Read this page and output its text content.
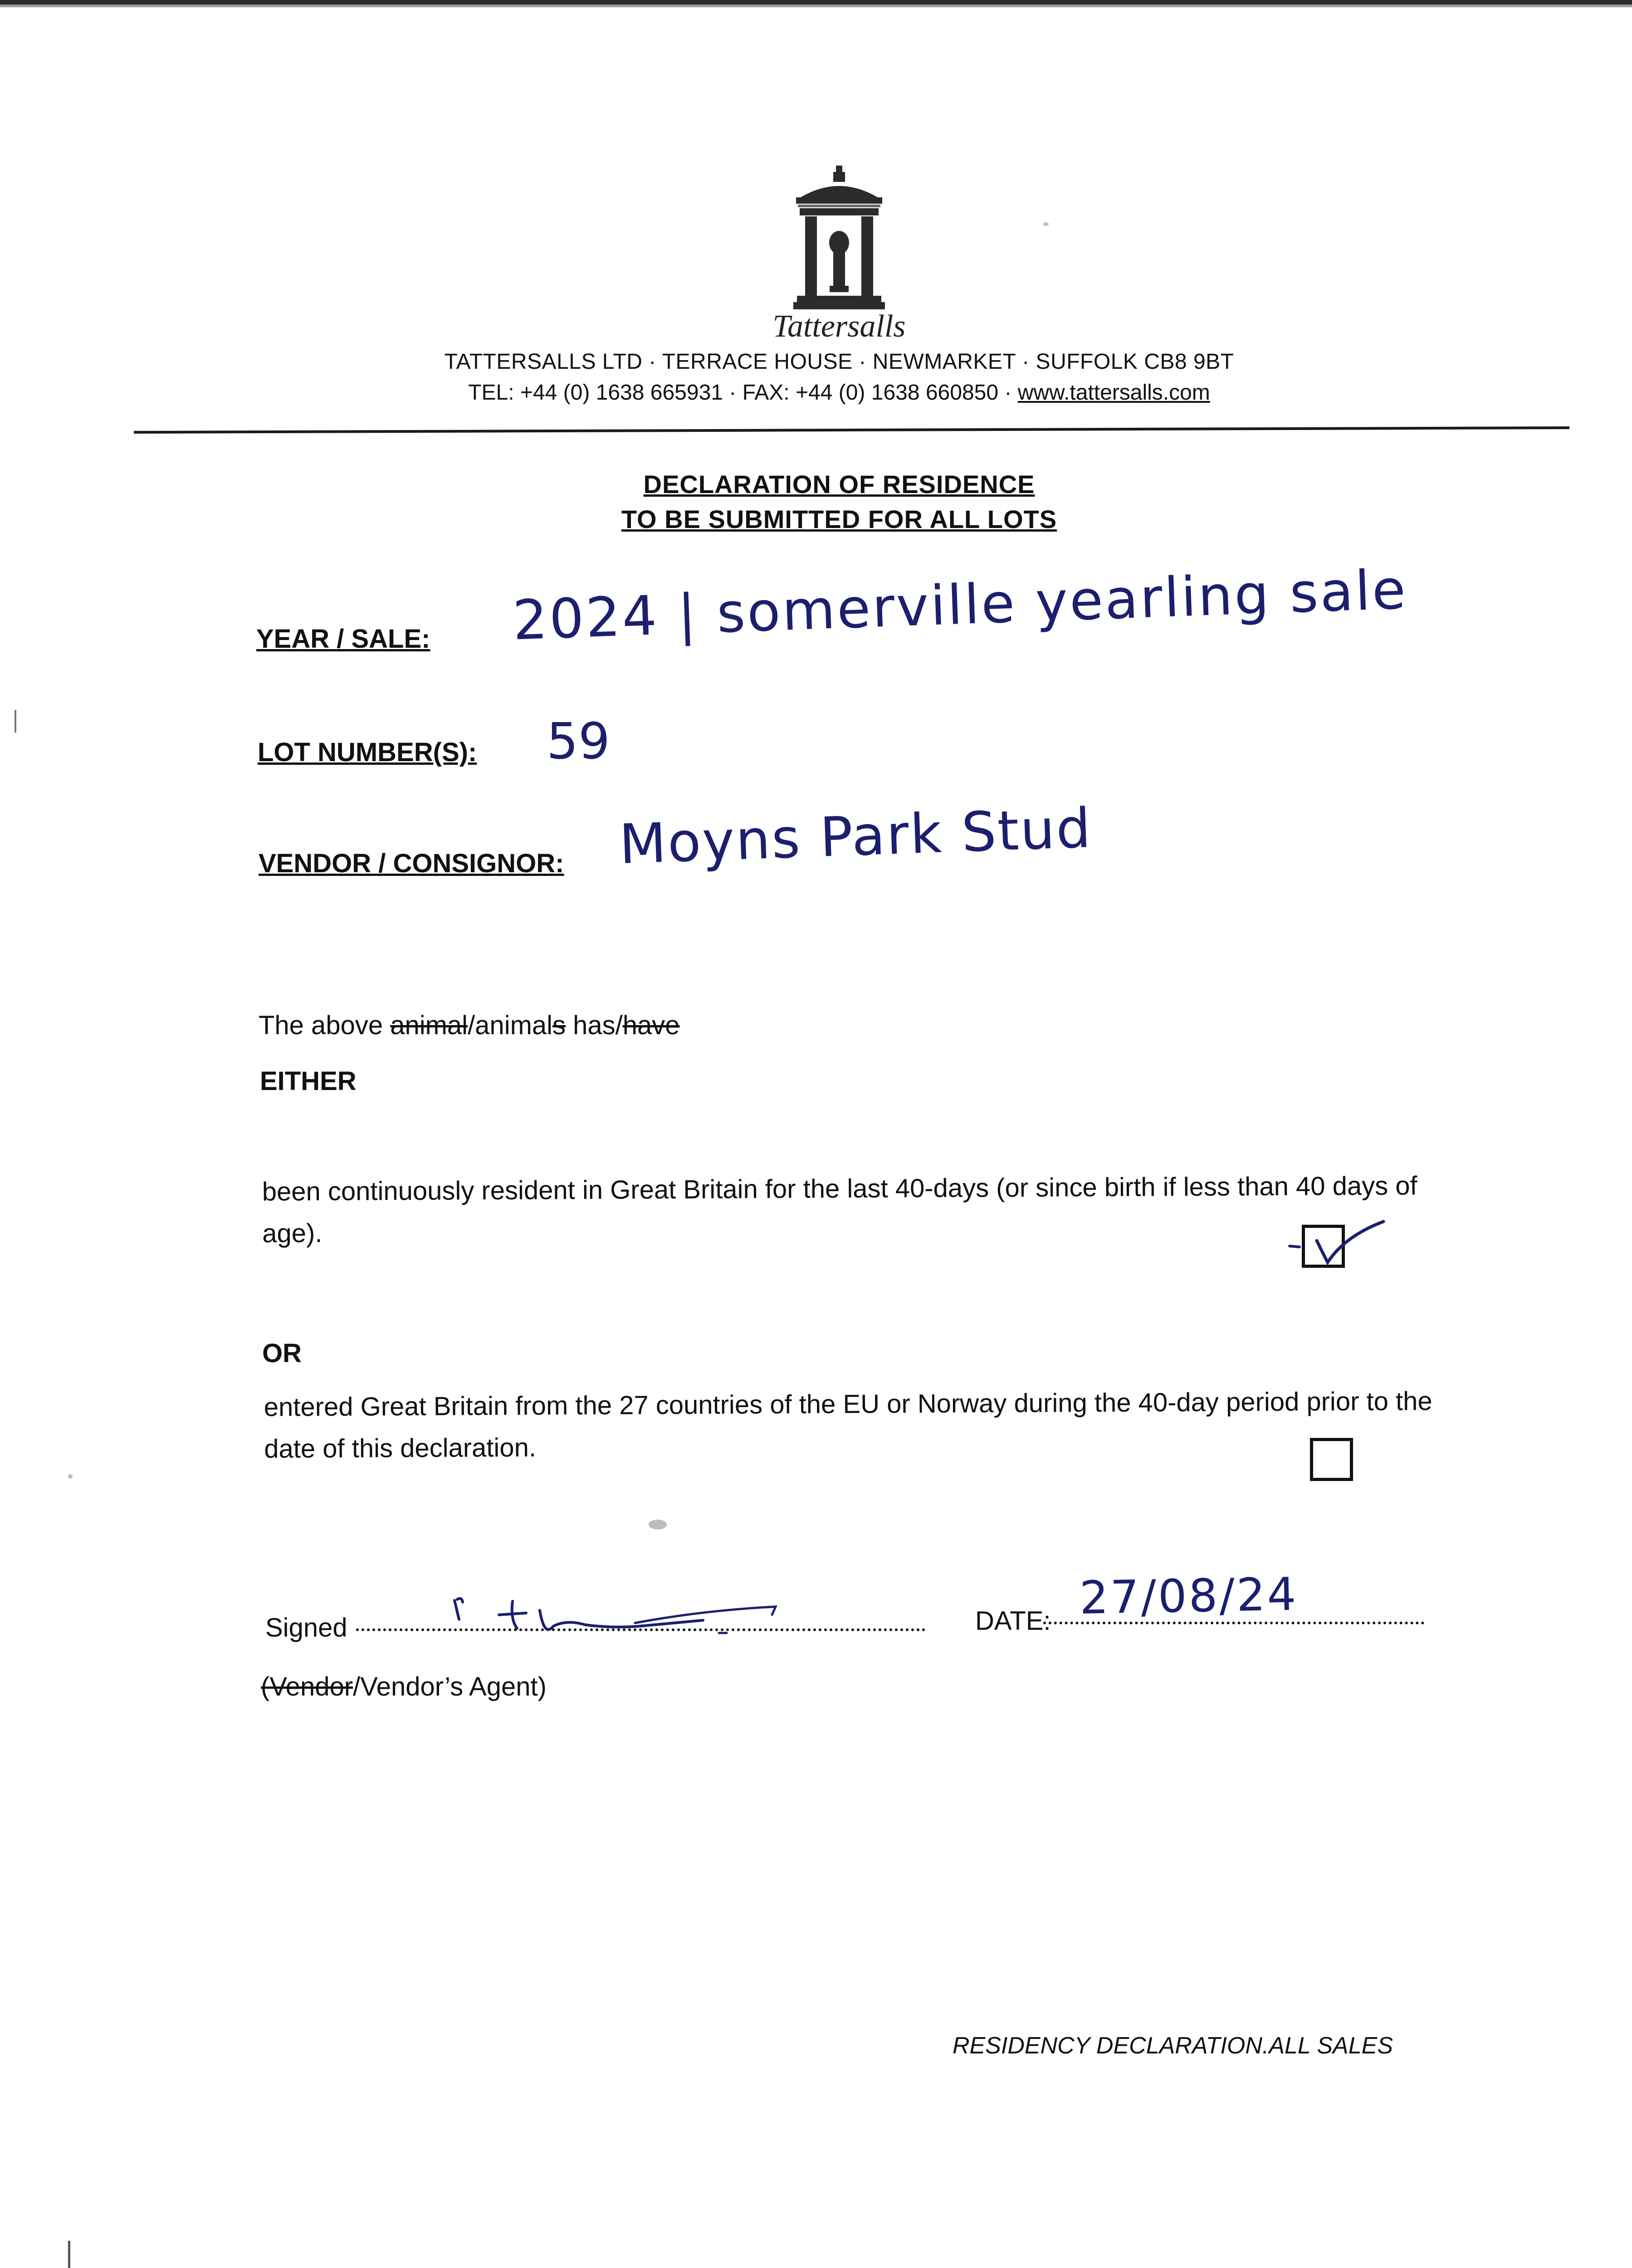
Tattersalls
TATTERSALLS LTD · TERRACE HOUSE · NEWMARKET · SUFFOLK CB8 9BT
TEL: +44 (0) 1638 665931 · FAX: +44 (0) 1638 660850 · www.tattersalls.com
DECLARATION OF RESIDENCE
TO BE SUBMITTED FOR ALL LOTS
YEAR / SALE: 2024 | somerville yearling sale
LOT NUMBER(S): 59
VENDOR / CONSIGNOR: Moyns Park Stud
The above animal/animals has/have
EITHER
been continuously resident in Great Britain for the last 40-days (or since birth if less than 40 days of age).
OR
entered Great Britain from the 27 countries of the EU or Norway during the 40-day period prior to the date of this declaration.
Signed	DATE: 27/08/24
(Vendor/Vendor’s Agent)
RESIDENCY DECLARATION.ALL SALES
